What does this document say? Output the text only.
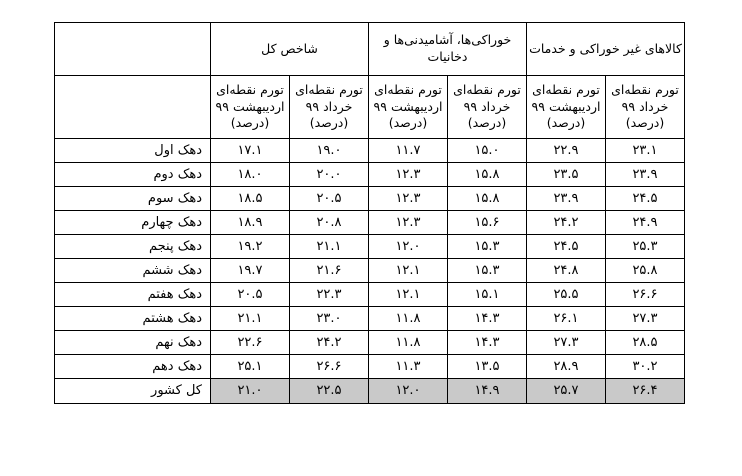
کالاهای غیر خوراکی و خدمات		خوراکی‌ها، آشامیدنی‌ها و دخانیات		شاخص کل		

تورم نقطه‌ای
خرداد ۹۹
(درصد)	تورم نقطه‌ای
اردیبهشت ۹۹
(درصد)	تورم نقطه‌ای
خرداد ۹۹
(درصد)	تورم نقطه‌ای
اردیبهشت ۹۹
(درصد)	تورم نقطه‌ای
خرداد ۹۹
(درصد)	تورم نقطه‌ای
اردیبهشت ۹۹
(درصد)	

۲۳.۱	۲۲.۹	۱۵.۰	۱۱.۷	۱۹.۰	۱۷.۱	دهک اول
۲۳.۹	۲۳.۵	۱۵.۸	۱۲.۳	۲۰.۰	۱۸.۰	دهک دوم
۲۴.۵	۲۳.۹	۱۵.۸	۱۲.۳	۲۰.۵	۱۸.۵	دهک سوم
۲۴.۹	۲۴.۲	۱۵.۶	۱۲.۳	۲۰.۸	۱۸.۹	دهک چهارم
۲۵.۳	۲۴.۵	۱۵.۳	۱۲.۰	۲۱.۱	۱۹.۲	دهک پنجم
۲۵.۸	۲۴.۸	۱۵.۳	۱۲.۱	۲۱.۶	۱۹.۷	دهک ششم
۲۶.۶	۲۵.۵	۱۵.۱	۱۲.۱	۲۲.۳	۲۰.۵	دهک هفتم
۲۷.۳	۲۶.۱	۱۴.۳	۱۱.۸	۲۳.۰	۲۱.۱	دهک هشتم
۲۸.۵	۲۷.۳	۱۴.۳	۱۱.۸	۲۴.۲	۲۲.۶	دهک نهم
۳۰.۲	۲۸.۹	۱۳.۵	۱۱.۳	۲۶.۶	۲۵.۱	دهک دهم
۲۶.۴	۲۵.۷	۱۴.۹	۱۲.۰	۲۲.۵	۲۱.۰	کل کشور
